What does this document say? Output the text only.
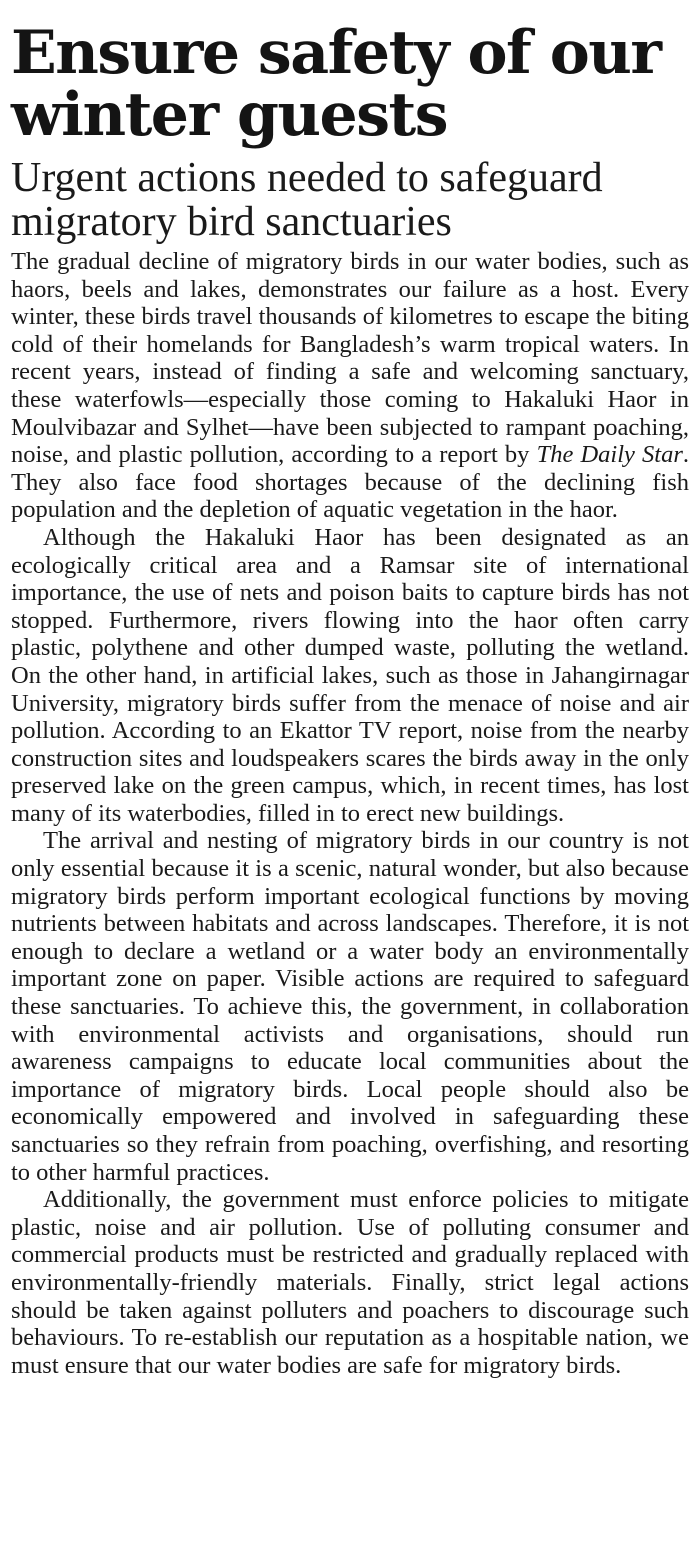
Ensure safety of our winter guests
Urgent actions needed to safeguard migratory bird sanctuaries

The gradual decline of migratory birds in our water bodies, such as haors, beels and lakes, demonstrates our failure as a host. Every winter, these birds travel thousands of kilometres to escape the biting cold of their homelands for Bangladesh’s warm tropical waters. In recent years, instead of finding a safe and welcoming sanctuary, these waterfowls—especially those coming to Hakaluki Haor in Moulvibazar and Sylhet—have been subjected to rampant poaching, noise, and plastic pollution, according to a report by The Daily Star. They also face food shortages because of the declining fish population and the depletion of aquatic vegetation in the haor.

Although the Hakaluki Haor has been designated as an ecologically critical area and a Ramsar site of international importance, the use of nets and poison baits to capture birds has not stopped. Furthermore, rivers flowing into the haor often carry plastic, polythene and other dumped waste, polluting the wetland. On the other hand, in artificial lakes, such as those in Jahangirnagar University, migratory birds suffer from the menace of noise and air pollution. According to an Ekattor TV report, noise from the nearby construction sites and loudspeakers scares the birds away in the only preserved lake on the green campus, which, in recent times, has lost many of its waterbodies, filled in to erect new buildings.

The arrival and nesting of migratory birds in our country is not only essential because it is a scenic, natural wonder, but also because migratory birds perform important ecological functions by moving nutrients between habitats and across landscapes. Therefore, it is not enough to declare a wetland or a water body an environmentally important zone on paper. Visible actions are required to safeguard these sanctuaries. To achieve this, the government, in collaboration with environmental activists and organisations, should run awareness campaigns to educate local communities about the importance of migratory birds. Local people should also be economically empowered and involved in safeguarding these sanctuaries so they refrain from poaching, overfishing, and resorting to other harmful practices.

Additionally, the government must enforce policies to mitigate plastic, noise and air pollution. Use of polluting consumer and commercial products must be restricted and gradually replaced with environmentally-friendly materials. Finally, strict legal actions should be taken against polluters and poachers to discourage such behaviours. To re-establish our reputation as a hospitable nation, we must ensure that our water bodies are safe for migratory birds.
